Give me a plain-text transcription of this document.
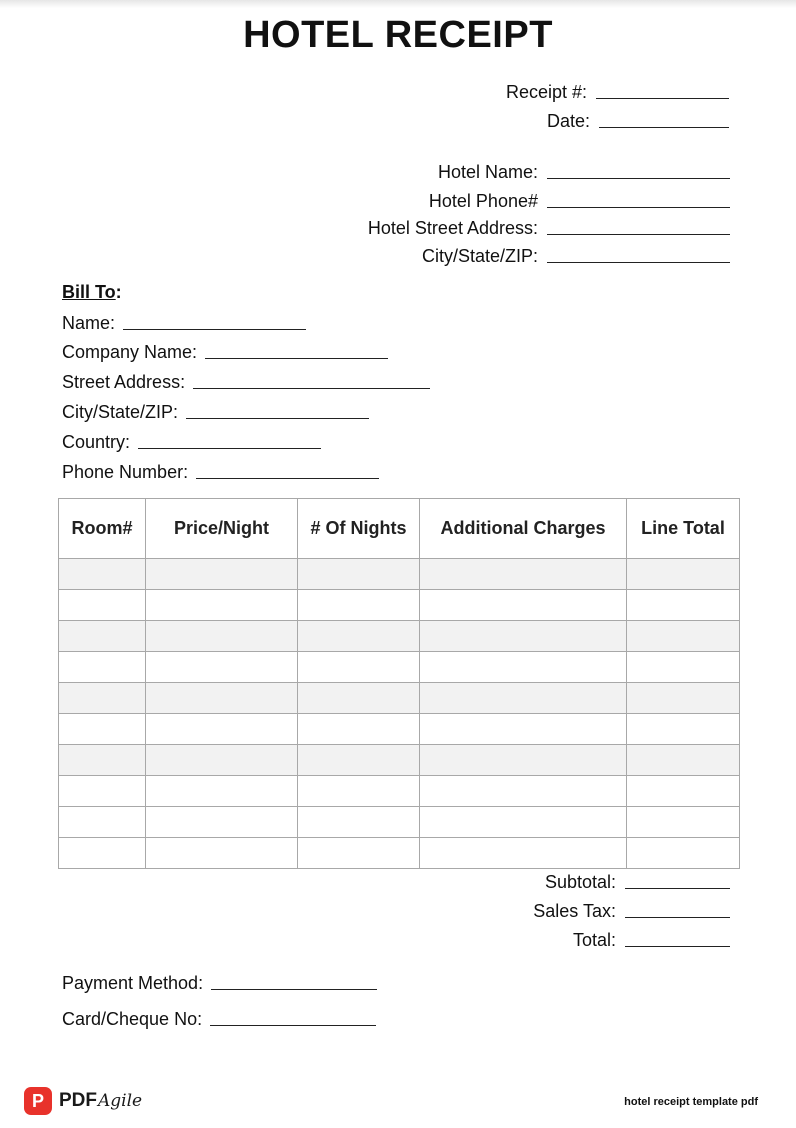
HOTEL RECEIPT
Receipt #:
Date:
Hotel Name:
Hotel Phone#
Hotel Street Address:
City/State/ZIP:
Bill To:
Name:
Company Name:
Street Address:
City/State/ZIP:
Country:
Phone Number:
Room#	Price/Night	# Of Nights	Additional Charges	Line Total

Subtotal:
Sales Tax:
Total:
Payment Method:
Card/Cheque No:
P PDFAgile	hotel receipt template pdf
